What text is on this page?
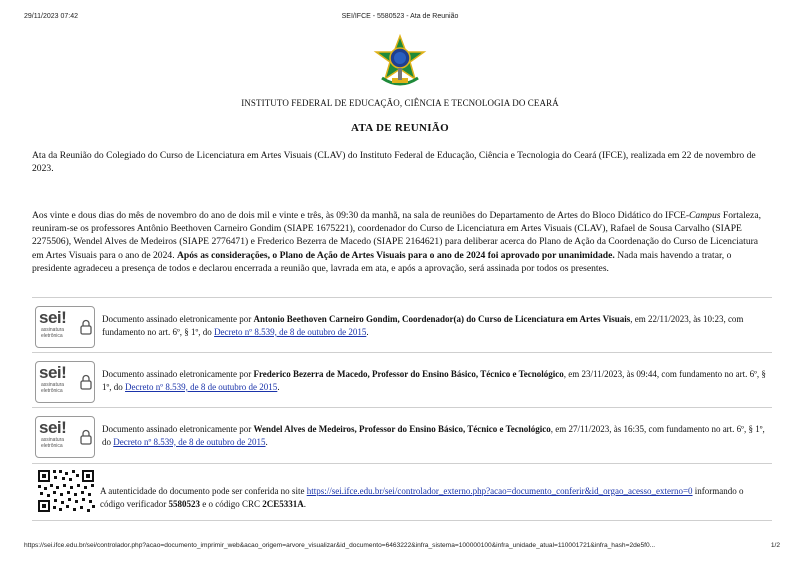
29/11/2023 07:42	SEI/IFCE - 5580523 - Ata de Reunião
INSTITUTO FEDERAL DE EDUCAÇÃO, CIÊNCIA E TECNOLOGIA DO CEARÁ
ATA DE REUNIÃO
Ata da Reunião do Colegiado do Curso de Licenciatura em Artes Visuais (CLAV) do Instituto Federal de Educação, Ciência e Tecnologia do Ceará (IFCE), realizada em 22 de novembro de 2023.
Aos vinte e dous dias do mês de novembro do ano de dois mil e vinte e três, às 09:30 da manhã, na sala de reuniões do Departamento de Artes do Bloco Didático do IFCE-Campus Fortaleza, reuniram-se os professores Antônio Beethoven Carneiro Gondim (SIAPE 1675221), coordenador do Curso de Licenciatura em Artes Visuais (CLAV), Rafael de Sousa Carvalho (SIAPE 2275506), Wendel Alves de Medeiros (SIAPE 2776471) e Frederico Bezerra de Macedo (SIAPE 2164621) para deliberar acerca do Plano de Ação da Coordenação do Curso de Licenciatura em Artes Visuais para o ano de 2024. Após as considerações, o Plano de Ação de Artes Visuais para o ano de 2024 foi aprovado por unanimidade. Nada mais havendo a tratar, o presidente agradeceu a presença de todos e declarou encerrada a reunião que, lavrada em ata, e após a aprovação, será assinada por todos os presentes.
sei!
assinatura
eletrônica
Documento assinado eletronicamente por Antonio Beethoven Carneiro Gondim, Coordenador(a) do Curso de Licenciatura em Artes Visuais, em 22/11/2023, às 10:23, com fundamento no art. 6º, § 1º, do Decreto nº 8.539, de 8 de outubro de 2015.
sei!
assinatura
eletrônica
Documento assinado eletronicamente por Frederico Bezerra de Macedo, Professor do Ensino Básico, Técnico e Tecnológico, em 23/11/2023, às 09:44, com fundamento no art. 6º, § 1º, do Decreto nº 8.539, de 8 de outubro de 2015.
sei!
assinatura
eletrônica
Documento assinado eletronicamente por Wendel Alves de Medeiros, Professor do Ensino Básico, Técnico e Tecnológico, em 27/11/2023, às 16:35, com fundamento no art. 6º, § 1º, do Decreto nº 8.539, de 8 de outubro de 2015.
A autenticidade do documento pode ser conferida no site https://sei.ifce.edu.br/sei/controlador_externo.php?acao=documento_conferir&id_orgao_acesso_externo=0 informando o código verificador 5580523 e o código CRC 2CE5331A.
https://sei.ifce.edu.br/sei/controlador.php?acao=documento_imprimir_web&acao_origem=arvore_visualizar&id_documento=6463222&infra_sistema=100000100&infra_unidade_atual=110001721&infra_hash=2de5f0...	1/2
